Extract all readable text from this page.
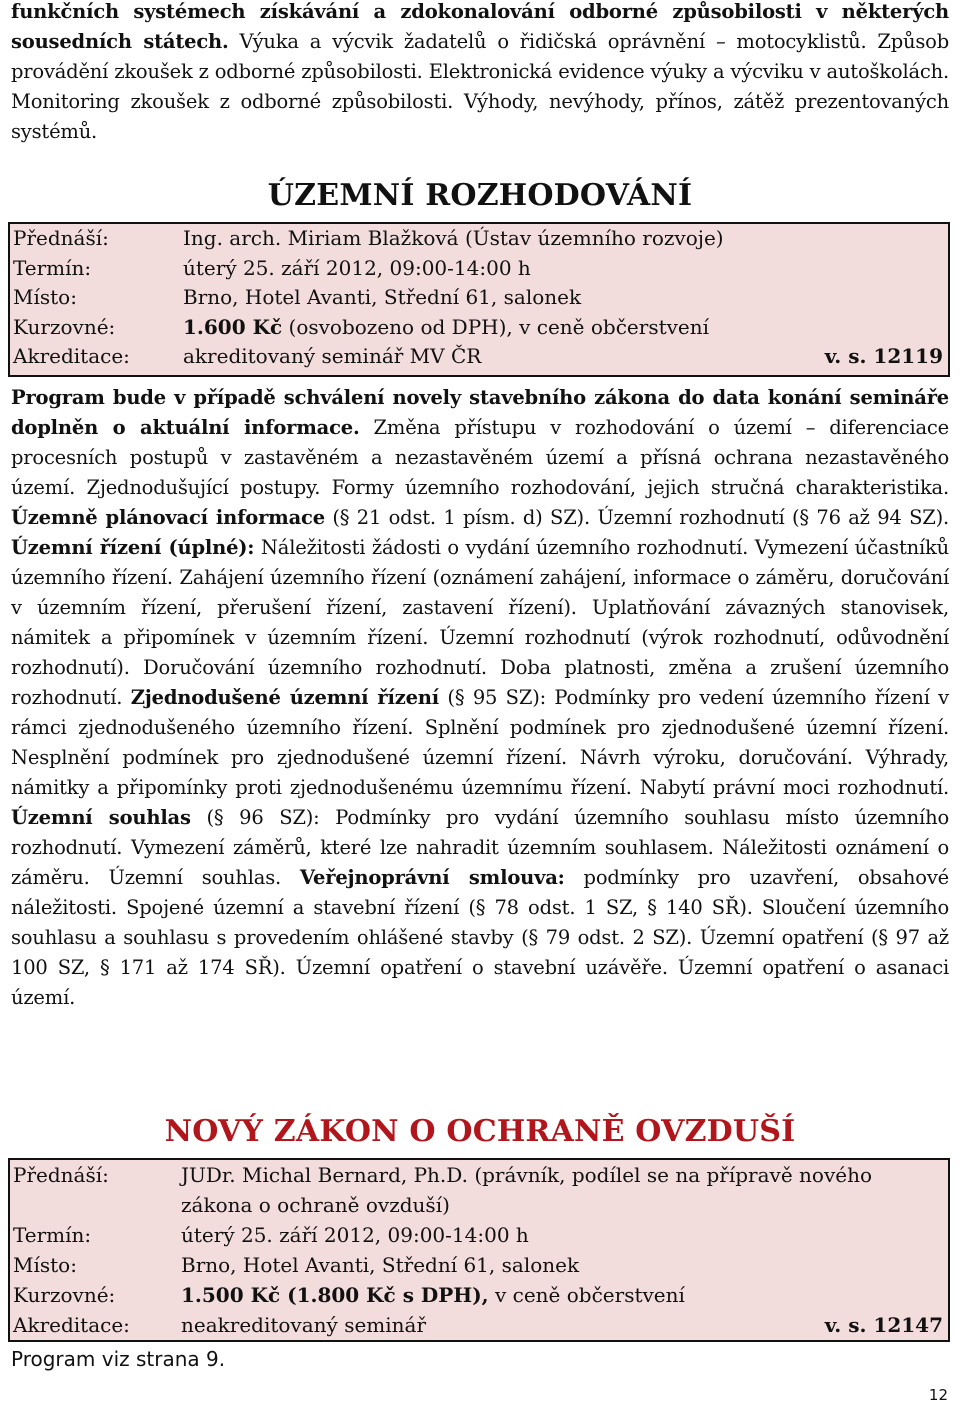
funkčních systémech získávání a zdokonalování odborné způsobilosti v některých sousedních státech. Výuka a výcvik žadatelů o řidičská oprávnění – motocyklistů. Způsob provádění zkoušek z odborné způsobilosti. Elektronická evidence výuky a výcviku v autoškolách. Monitoring zkoušek z odborné způsobilosti. Výhody, nevýhody, přínos, zátěž prezentovaných systémů.

ÚZEMNÍ ROZHODOVÁNÍ
Přednáší:	Ing. arch. Miriam Blažková (Ústav územního rozvoje)
Termín:	úterý 25. září 2012, 09:00-14:00 h
Místo:	Brno, Hotel Avanti, Střední 61, salonek
Kurzovné:	1.600 Kč (osvobozeno od DPH), v ceně občerstvení
Akreditace:	akreditovaný seminář MV ČR	v. s. 12119

Program bude v případě schválení novely stavebního zákona do data konání semináře doplněn o aktuální informace. Změna přístupu v rozhodování o území – diferenciace procesních postupů v zastavěném a nezastavěném území a přísná ochrana nezastavěného území. Zjednodušující postupy. Formy územního rozhodování, jejich stručná charakteristika. Územně plánovací informace (§ 21 odst. 1 písm. d) SZ). Územní rozhodnutí (§ 76 až 94 SZ). Územní řízení (úplné): Náležitosti žádosti o vydání územního rozhodnutí. Vymezení účastníků územního řízení. Zahájení územního řízení (oznámení zahájení, informace o záměru, doručování v územním řízení, přerušení řízení, zastavení řízení). Uplatňování závazných stanovisek, námitek a připomínek v územním řízení. Územní rozhodnutí (výrok rozhodnutí, odůvodnění rozhodnutí). Doručování územního rozhodnutí. Doba platnosti, změna a zrušení územního rozhodnutí. Zjednodušené územní řízení (§ 95 SZ): Podmínky pro vedení územního řízení v rámci zjednodušeného územního řízení. Splnění podmínek pro zjednodušené územní řízení. Nesplnění podmínek pro zjednodušené územní řízení. Návrh výroku, doručování. Výhrady, námitky a připomínky proti zjednodušenému územnímu řízení. Nabytí právní moci rozhodnutí. Územní souhlas (§ 96 SZ): Podmínky pro vydání územního souhlasu místo územního rozhodnutí. Vymezení záměrů, které lze nahradit územním souhlasem. Náležitosti oznámení o záměru. Územní souhlas. Veřejnoprávní smlouva: podmínky pro uzavření, obsahové náležitosti. Spojené územní a stavební řízení (§ 78 odst. 1 SZ, § 140 SŘ). Sloučení územního souhlasu a souhlasu s provedením ohlášené stavby (§ 79 odst. 2 SZ). Územní opatření (§ 97 až 100 SZ, § 171 až 174 SŘ). Územní opatření o stavební uzávěře. Územní opatření o asanaci území.

NOVÝ ZÁKON O OCHRANĚ OVZDUŠÍ
Přednáší:	JUDr. Michal Bernard, Ph.D. (právník, podílel se na přípravě nového
zákona o ochraně ovzduší)
Termín:	úterý 25. září 2012, 09:00-14:00 h
Místo:	Brno, Hotel Avanti, Střední 61, salonek
Kurzovné:	1.500 Kč (1.800 Kč s DPH), v ceně občerstvení
Akreditace:	neakreditovaný seminář	v. s. 12147
Program viz strana 9.
12
